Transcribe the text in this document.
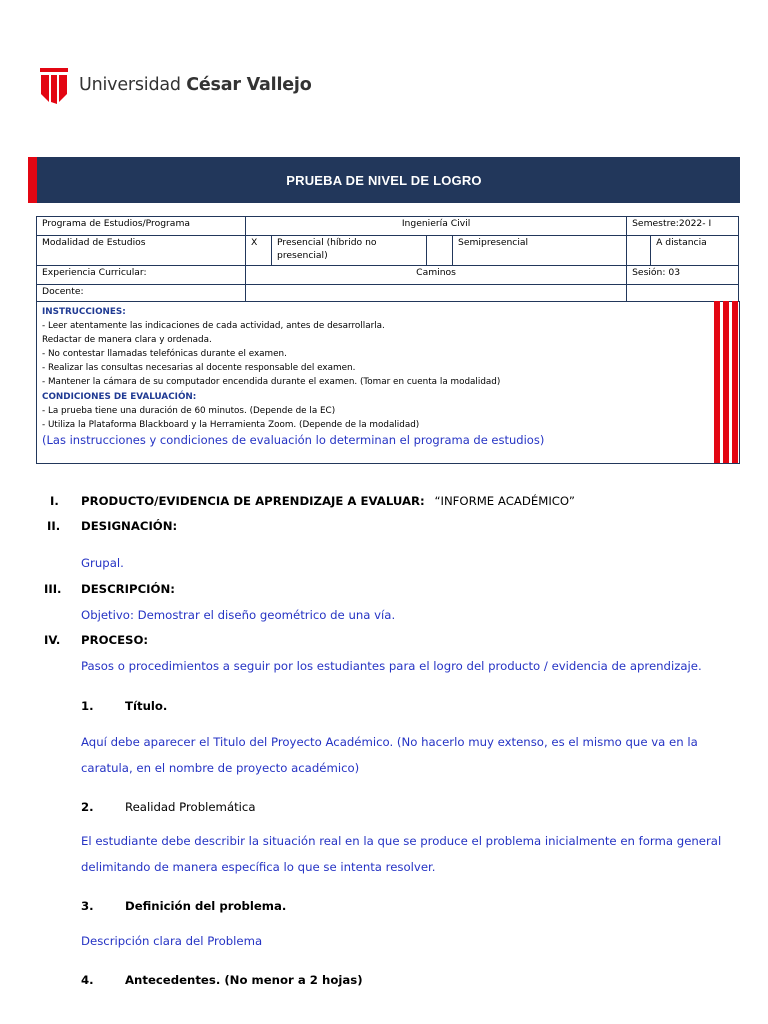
Universidad César Vallejo
PRUEBA DE NIVEL DE LOGRO
Programa de Estudios/Programa	Ingeniería Civil				Semestre:2022- I	
Modalidad de Estudios	X	Presencial (híbrido no presencial)		Semipresencial		A distancia
Experiencia Curricular:	Caminos				Sesión: 03	
Docente:						
INSTRUCCIONES:
- Leer atentamente las indicaciones de cada actividad, antes de desarrollarla.
Redactar de manera clara y ordenada.
- No contestar llamadas telefónicas durante el examen.
- Realizar las consultas necesarias al docente responsable del examen.
- Mantener la cámara de su computador encendida durante el examen. (Tomar en cuenta la modalidad)
CONDICIONES DE EVALUACIÓN:
- La prueba tiene una duración de 60 minutos. (Depende de la EC)
- Utiliza la Plataforma Blackboard y la Herramienta Zoom. (Depende de la modalidad)
(Las instrucciones y condiciones de evaluación lo determinan el programa de estudios)
I. PRODUCTO/EVIDENCIA DE APRENDIZAJE A EVALUAR: “INFORME ACADÉMICO”
II. DESIGNACIÓN:
Grupal.
III. DESCRIPCIÓN:
Objetivo: Demostrar el diseño geométrico de una vía.
IV. PROCESO:
Pasos o procedimientos a seguir por los estudiantes para el logro del producto / evidencia de aprendizaje.
1.	Título.
Aquí debe aparecer el Titulo del Proyecto Académico. (No hacerlo muy extenso, es el mismo que va en la
caratula, en el nombre de proyecto académico)
2.	Realidad Problemática
El estudiante debe describir la situación real en la que se produce el problema inicialmente en forma general
delimitando de manera específica lo que se intenta resolver.
3.	Definición del problema.
Descripción clara del Problema
4.	Antecedentes. (No menor a 2 hojas)
